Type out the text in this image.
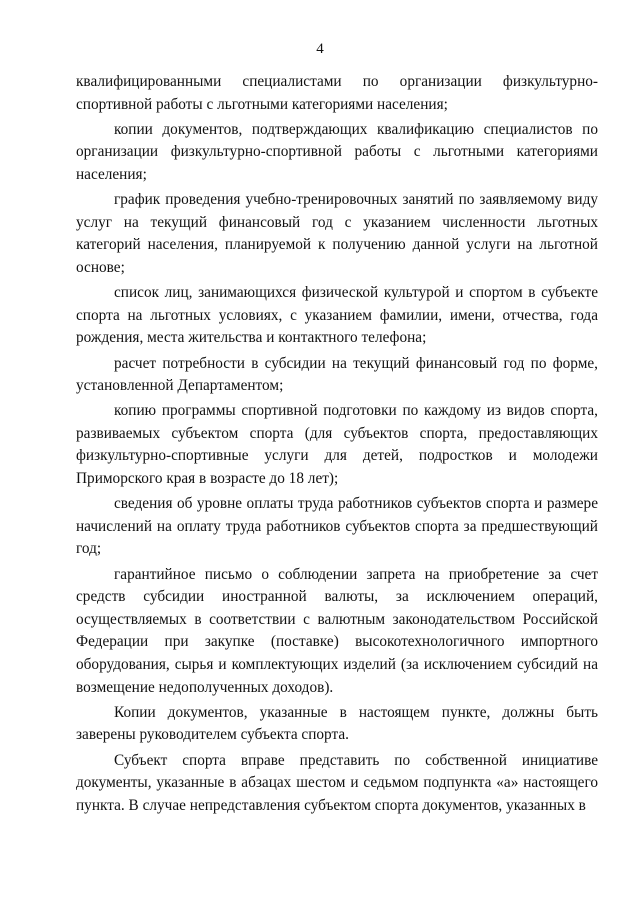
4

квалифицированными специалистами по организации физкультурно-спортивной работы с льготными категориями населения;

копии документов, подтверждающих квалификацию специалистов по организации физкультурно-спортивной работы с льготными категориями населения;

график проведения учебно-тренировочных занятий по заявляемому виду услуг на текущий финансовый год с указанием численности льготных категорий населения, планируемой к получению данной услуги на льготной основе;

список лиц, занимающихся физической культурой и спортом в субъекте спорта на льготных условиях, с указанием фамилии, имени, отчества, года рождения, места жительства и контактного телефона;

расчет потребности в субсидии на текущий финансовый год по форме, установленной Департаментом;

копию программы спортивной подготовки по каждому из видов спорта, развиваемых субъектом спорта (для субъектов спорта, предоставляющих физкультурно-спортивные услуги для детей, подростков и молодежи Приморского края в возрасте до 18 лет);

сведения об уровне оплаты труда работников субъектов спорта и размере начислений на оплату труда работников субъектов спорта за предшествующий год;

гарантийное письмо о соблюдении запрета на приобретение за счет средств субсидии иностранной валюты, за исключением операций, осуществляемых в соответствии с валютным законодательством Российской Федерации при закупке (поставке) высокотехнологичного импортного оборудования, сырья и комплектующих изделий (за исключением субсидий на возмещение недополученных доходов).

Копии документов, указанные в настоящем пункте, должны быть заверены руководителем субъекта спорта.

Субъект спорта вправе представить по собственной инициативе документы, указанные в абзацах шестом и седьмом подпункта «а» настоящего пункта. В случае непредставления субъектом спорта документов, указанных в
